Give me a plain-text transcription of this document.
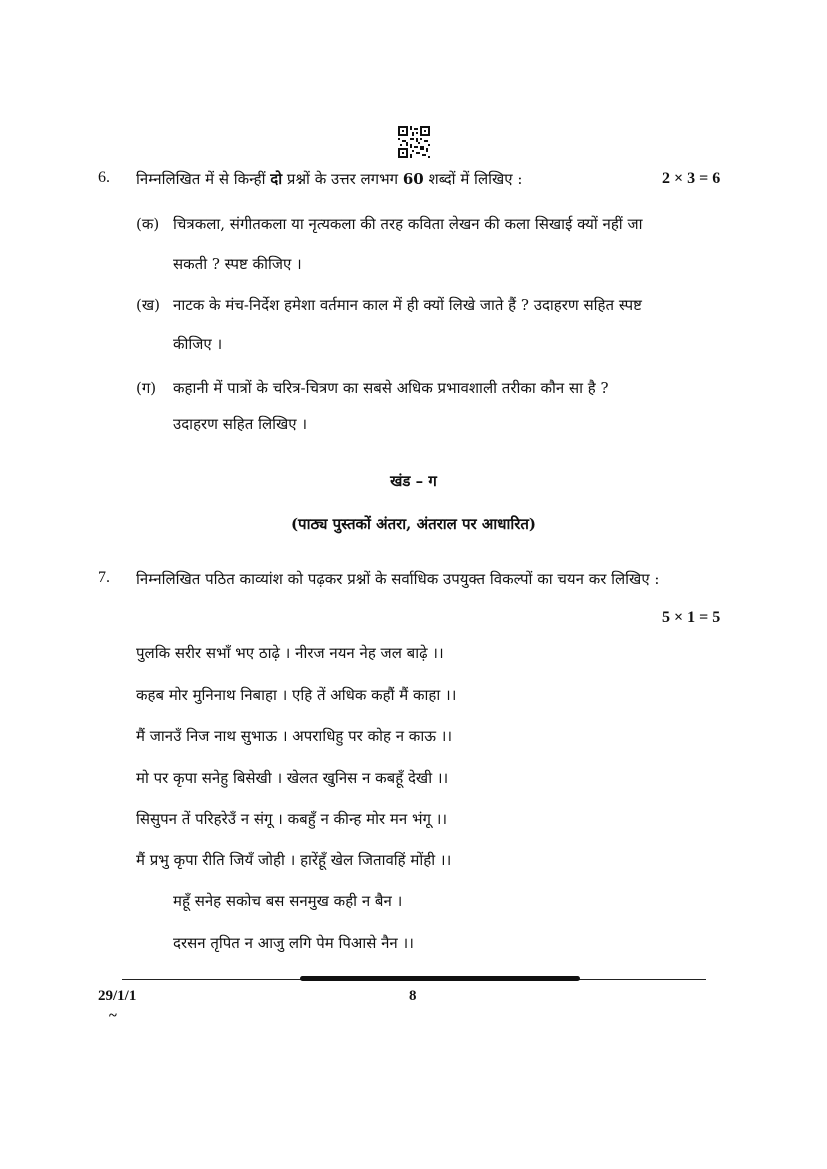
6. निम्नलिखित में से किन्हीं दो प्रश्नों के उत्तर लगभग 60 शब्दों में लिखिए :	2 × 3 = 6
(क) चित्रकला, संगीतकला या नृत्यकला की तरह कविता लेखन की कला सिखाई क्यों नहीं जा
सकती ? स्पष्ट कीजिए ।
(ख) नाटक के मंच-निर्देश हमेशा वर्तमान काल में ही क्यों लिखे जाते हैं ? उदाहरण सहित स्पष्ट
कीजिए ।
(ग) कहानी में पात्रों के चरित्र-चित्रण का सबसे अधिक प्रभावशाली तरीका कौन सा है ?
उदाहरण सहित लिखिए ।
खंड – ग
(पाठ्य पुस्तकों अंतरा, अंतराल पर आधारित)
7. निम्नलिखित पठित काव्यांश को पढ़कर प्रश्नों के सर्वाधिक उपयुक्त विकल्पों का चयन कर लिखिए :
5 × 1 = 5
पुलकि सरीर सभाँ भए ठाढ़े । नीरज नयन नेह जल बाढ़े ।।
कहब मोर मुनिनाथ निबाहा । एहि तें अधिक कहौं मैं काहा ।।
मैं जानउँ निज नाथ सुभाऊ । अपराधिहु पर कोह न काऊ ।।
मो पर कृपा सनेहु बिसेखी । खेलत खुनिस न कबहूँ देखी ।।
सिसुपन तें परिहरेउँ न संगू । कबहुँ न कीन्ह मोर मन भंगू ।।
मैं प्रभु कृपा रीति जियँ जोही । हारेंहूँ खेल जितावहिं मोंही ।।
महूँ सनेह सकोच बस सनमुख कही न बैन ।
दरसन तृपित न आजु लगि पेम पिआसे नैन ।।
29/1/1	8
~
